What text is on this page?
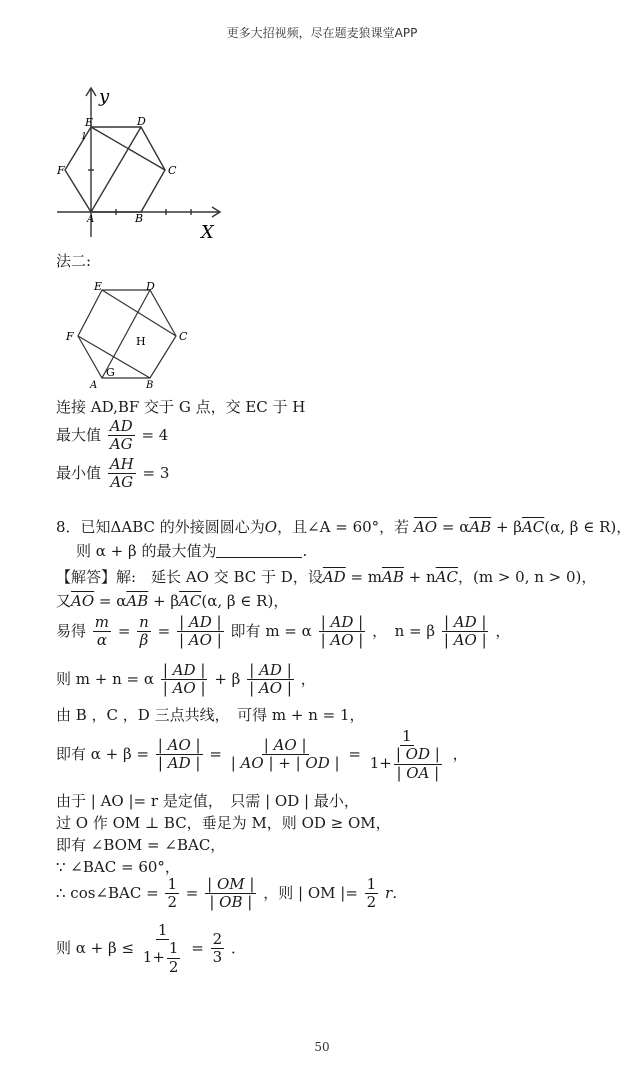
更多大招视频，尽在题麦狼课堂APP
y
X
E
1
D
F	C
A	B
法二:
E	D
F	C
H
G
A	B
连接 AD,BF 交于 G 点，交 EC 于 H
最大值 $\frac{AD}{AG} = 4$
最小值 $\frac{AH}{AG} = 3$
8．已知ΔABC 的外接圆圆心为O，且∠A = 60°，若 $\overline{AO} = \alpha\overline{AB} + \beta\overline{AC}(\alpha$, β ∈ R)，
则 α + β 的最大值为	.
【解答】解:　延长 AO 交 BC 于 D，设$\overline{AD} = m\overline{AB} + n\overline{AC}$，(m > 0, n > 0)，
又$\overline{AO} = \alpha\overline{AB} + \beta\overline{AC}(\alpha$, β ∈ R)，
易得 $\frac{m}{\alpha} = \frac{n}{\beta} = \frac{| AD |}{| AO |}$ 即有 m = α $\frac{| AD |}{| AO |}$ ，　n = β $\frac{| AD |}{| AO |}$ ，
则 m + n = α $\frac{| AD |}{| AO |} + \beta \frac{| AD |}{| AO |}$ ，
由 B ，C ，D 三点共线，　可得 m + n = 1，
即有 $\alpha + \beta = \frac{| AO |}{| AD |} = \frac{| AO |}{| AO | + | OD |} = \frac{1}{1+ \frac{| OD |}{| OA |}}$ ，
由于 | AO |= r 是定值，　只需 | OD | 最小，
过 O 作 OM ⊥ BC，垂足为 M，则 OD ≥ OM，
即有 ∠BOM = ∠BAC，
∵ ∠BAC = 60°，
∴ cos∠BAC = $\frac{1}{2} = \frac{| OM |}{| OB |}$ ，则 | OM |= $\frac{1}{2}$ r．
则 $\alpha + \beta \le \frac{1}{1+ \frac{1}{2}} = \frac{2}{3}$ ．
50
